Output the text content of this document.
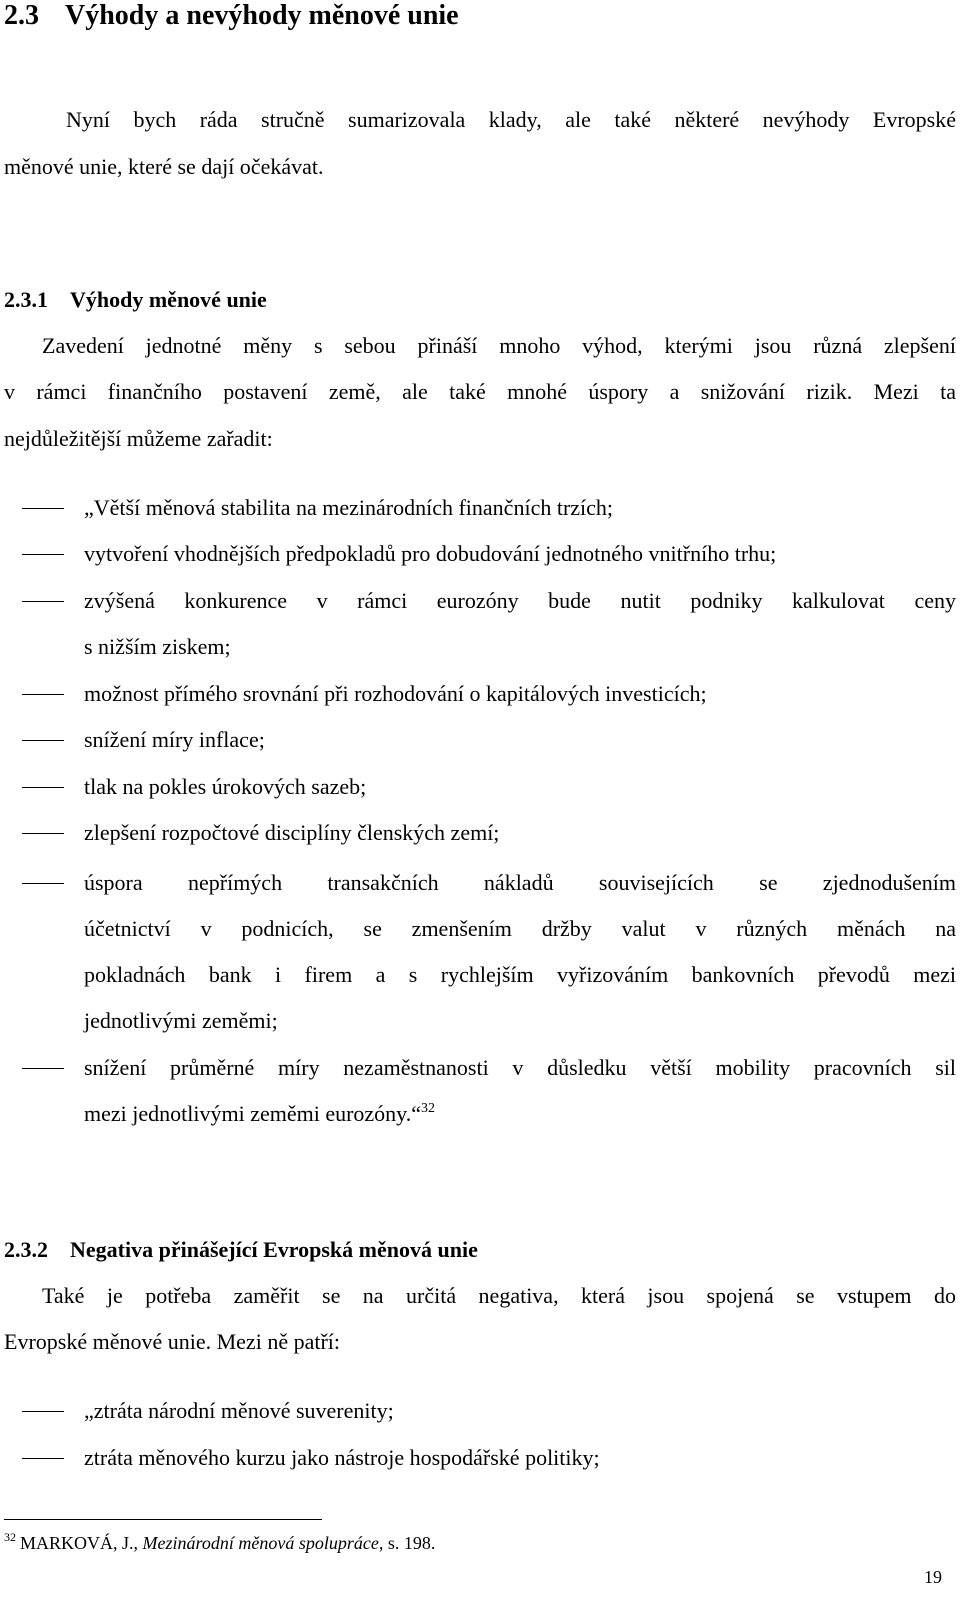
2.3 Výhody a nevýhody měnové unie
Nyní bych ráda stručně sumarizovala klady, ale také některé nevýhody Evropské
měnové unie, které se dají očekávat.
2.3.1 Výhody měnové unie
Zavedení jednotné měny s sebou přináší mnoho výhod, kterými jsou různá zlepšení
v rámci finančního postavení země, ale také mnohé úspory a snižování rizik. Mezi ta
nejdůležitější můžeme zařadit:
„Větší měnová stabilita na mezinárodních finančních trzích;
vytvoření vhodnějších předpokladů pro dobudování jednotného vnitřního trhu;
zvýšená konkurence v rámci eurozóny bude nutit podniky kalkulovat ceny
s nižším ziskem;
možnost přímého srovnání při rozhodování o kapitálových investicích;
snížení míry inflace;
tlak na pokles úrokových sazeb;
zlepšení rozpočtové disciplíny členských zemí;
úspora nepřímých transakčních nákladů souvisejících se zjednodušením
účetnictví v podnicích, se zmenšením držby valut v různých měnách na
pokladnách bank i firem a s rychlejším vyřizováním bankovních převodů mezi
jednotlivými zeměmi;
snížení průměrné míry nezaměstnanosti v důsledku větší mobility pracovních sil
mezi jednotlivými zeměmi eurozóny.“$^{32}$
2.3.2 Negativa přinášející Evropská měnová unie
Také je potřeba zaměřit se na určitá negativa, která jsou spojená se vstupem do
Evropské měnové unie. Mezi ně patří:
„ztráta národní měnové suverenity;
ztráta měnového kurzu jako nástroje hospodářské politiky;
$^{32}$ MARKOVÁ, J., Mezinárodní měnová spolupráce, s. 198.
19
